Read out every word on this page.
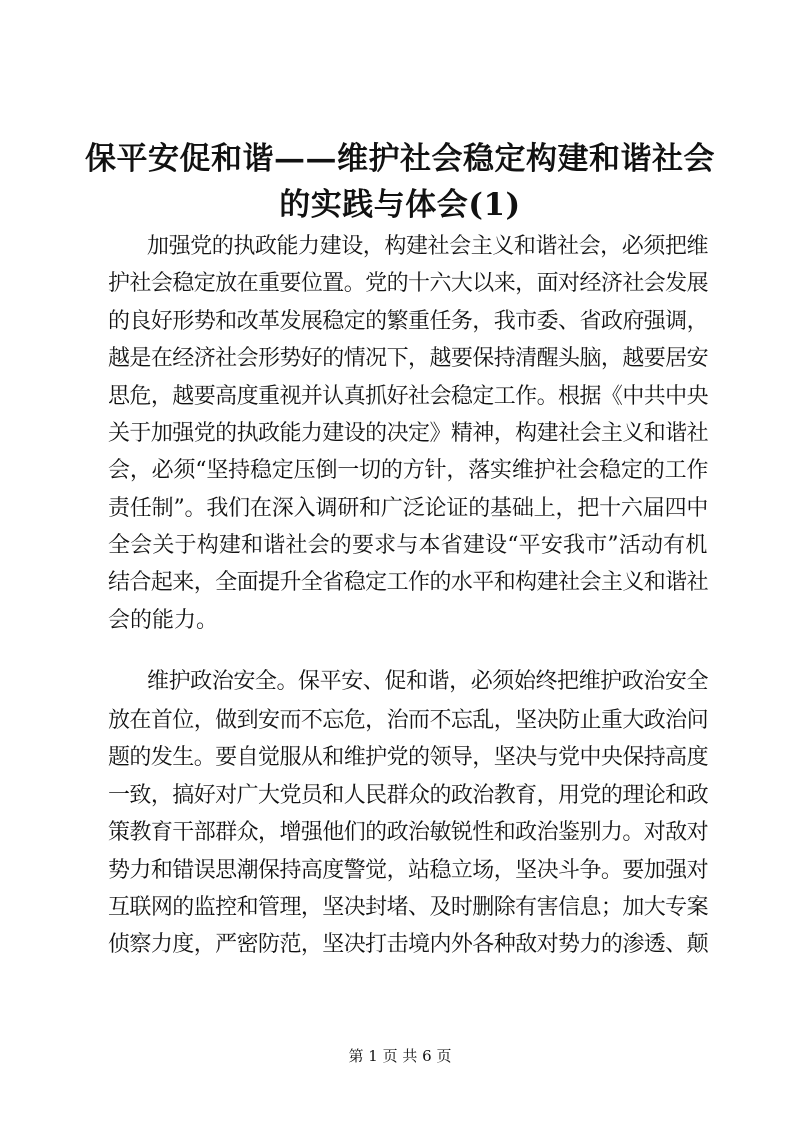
保平安促和谐——维护社会稳定构建和谐社会
的实践与体会(1)
加强党的执政能力建设，构建社会主义和谐社会，必须把维
护社会稳定放在重要位置。党的十六大以来，面对经济社会发展
的良好形势和改革发展稳定的繁重任务，我市委、省政府强调，
越是在经济社会形势好的情况下，越要保持清醒头脑，越要居安
思危，越要高度重视并认真抓好社会稳定工作。根据《中共中央
关于加强党的执政能力建设的决定》精神，构建社会主义和谐社
会，必须“坚持稳定压倒一切的方针，落实维护社会稳定的工作
责任制”。我们在深入调研和广泛论证的基础上，把十六届四中
全会关于构建和谐社会的要求与本省建设“平安我市”活动有机
结合起来，全面提升全省稳定工作的水平和构建社会主义和谐社
会的能力。
维护政治安全。保平安、促和谐，必须始终把维护政治安全
放在首位，做到安而不忘危，治而不忘乱，坚决防止重大政治问
题的发生。要自觉服从和维护党的领导，坚决与党中央保持高度
一致，搞好对广大党员和人民群众的政治教育，用党的理论和政
策教育干部群众，增强他们的政治敏锐性和政治鉴别力。对敌对
势力和错误思潮保持高度警觉，站稳立场，坚决斗争。要加强对
互联网的监控和管理，坚决封堵、及时删除有害信息；加大专案
侦察力度，严密防范，坚决打击境内外各种敌对势力的渗透、颠
第 1 页 共 6 页
